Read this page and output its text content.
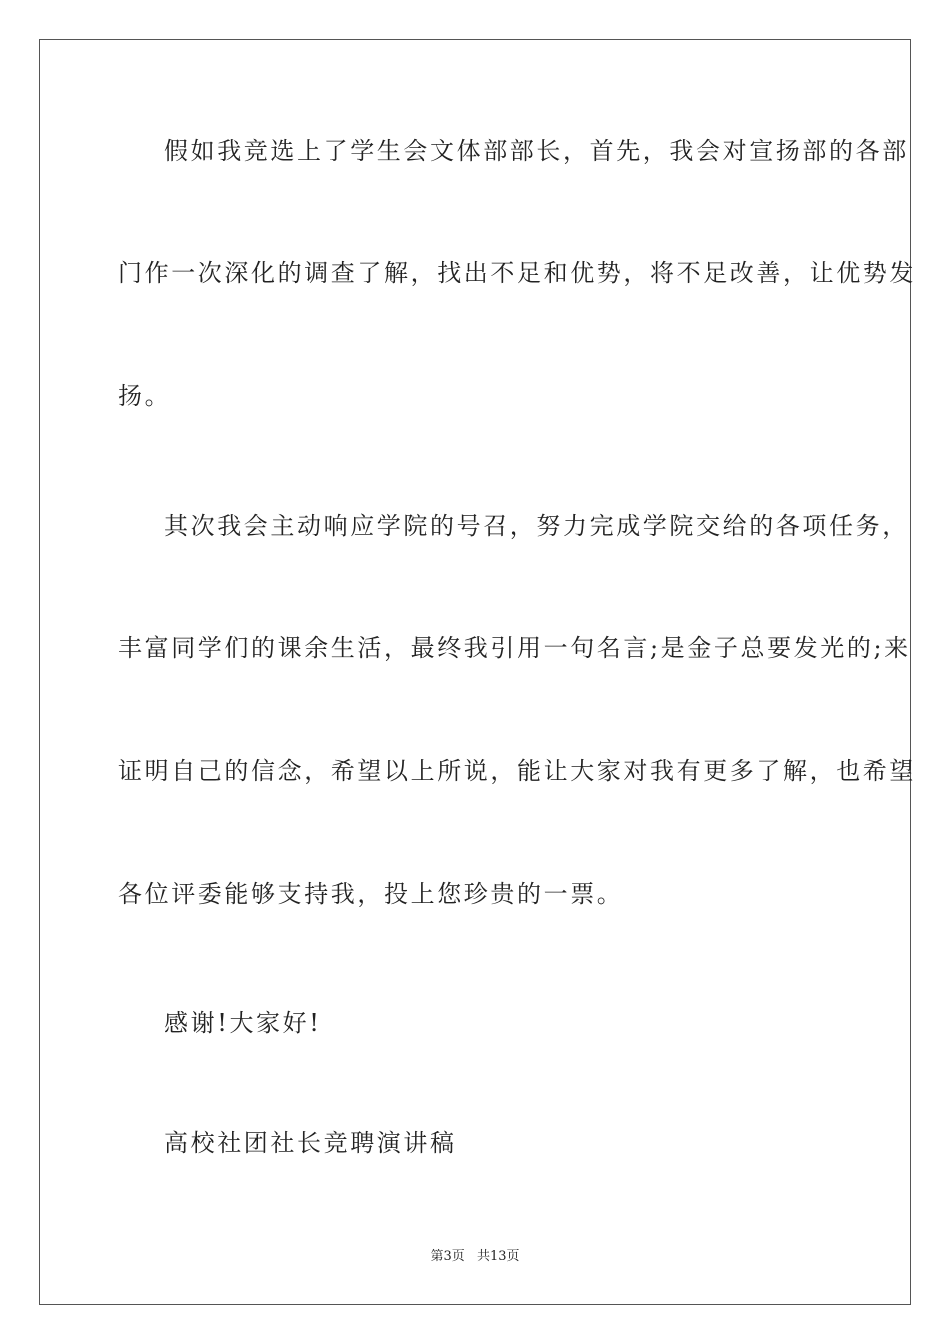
假如我竞选上了学生会文体部部长，首先，我会对宣扬部的各部
门作一次深化的调查了解，找出不足和优势，将不足改善，让优势发
扬。
其次我会主动响应学院的号召，努力完成学院交给的各项任务，
丰富同学们的课余生活，最终我引用一句名言;是金子总要发光的;来
证明自己的信念，希望以上所说，能让大家对我有更多了解，也希望
各位评委能够支持我，投上您珍贵的一票。
感谢!大家好!
高校社团社长竞聘演讲稿
第3页 共13页
